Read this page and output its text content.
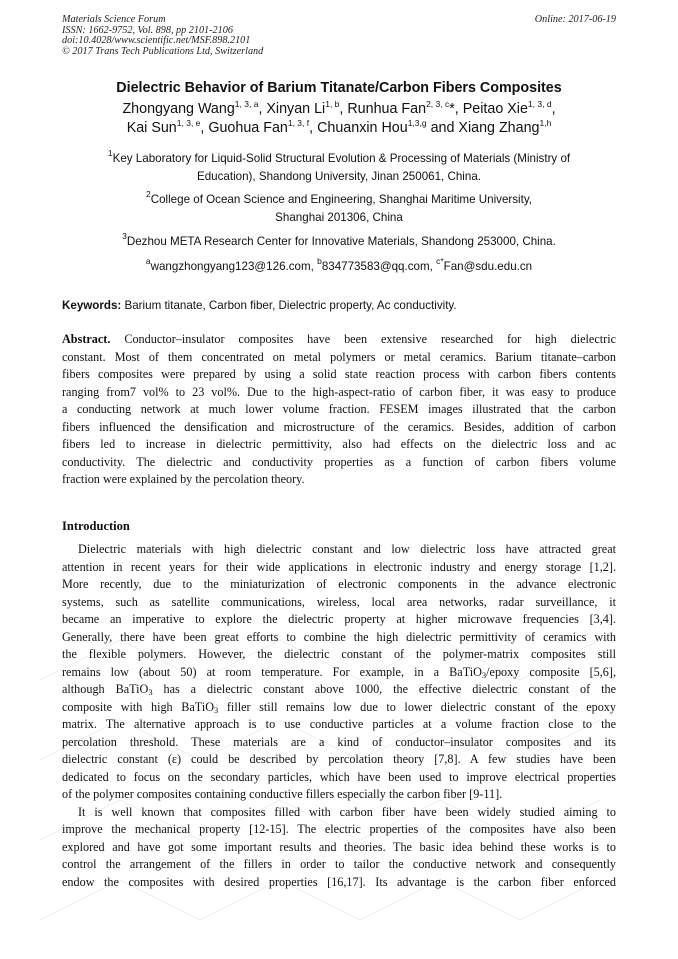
Materials Science Forum
ISSN: 1662-9752, Vol. 898, pp 2101-2106
doi:10.4028/www.scientific.net/MSF.898.2101
© 2017 Trans Tech Publications Ltd, Switzerland
Online: 2017-06-19
Dielectric Behavior of Barium Titanate/Carbon Fibers Composites
Zhongyang Wang$^{1, 3, a}$, Xinyan Li$^{1, b}$, Runhua Fan$^{2, 3, c}$*, Peitao Xie$^{1, 3, d}$,
Kai Sun$^{1, 3, e}$, Guohua Fan$^{1, 3, f}$, Chuanxin Hou$^{1,3,g}$ and Xiang Zhang$^{1,h}$
$^1$Key Laboratory for Liquid-Solid Structural Evolution & Processing of Materials (Ministry of
Education), Shandong University, Jinan 250061, China.
$^2$College of Ocean Science and Engineering, Shanghai Maritime University,
Shanghai 201306, China
$^3$Dezhou META Research Center for Innovative Materials, Shandong 253000, China.
$^a$wangzhongyang123@126.com, $^b$834773583@qq.com, $^{c*}$Fan@sdu.edu.cn
Keywords: Barium titanate, Carbon fiber, Dielectric property, Ac conductivity.
Abstract. Conductor–insulator composites have been extensive researched for high dielectric
constant. Most of them concentrated on metal polymers or metal ceramics. Barium titanate–carbon
fibers composites were prepared by using a solid state reaction process with carbon fibers contents
ranging from7 vol% to 23 vol%. Due to the high-aspect-ratio of carbon fiber, it was easy to produce
a conducting network at much lower volume fraction. FESEM images illustrated that the carbon
fibers influenced the densification and microstructure of the ceramics. Besides, addition of carbon
fibers led to increase in dielectric permittivity, also had effects on the dielectric loss and ac
conductivity. The dielectric and conductivity properties as a function of carbon fibers volume
fraction were explained by the percolation theory.
Introduction
Dielectric materials with high dielectric constant and low dielectric loss have attracted great
attention in recent years for their wide applications in electronic industry and energy storage [1,2].
More recently, due to the miniaturization of electronic components in the advance electronic
systems, such as satellite communications, wireless, local area networks, radar surveillance, it
became an imperative to explore the dielectric property at higher microwave frequencies [3,4].
Generally, there have been great efforts to combine the high dielectric permittivity of ceramics with
the flexible polymers. However, the dielectric constant of the polymer-matrix composites still
remains low (about 50) at room temperature. For example, in a BaTiO$_3$/epoxy composite [5,6],
although BaTiO$_3$ has a dielectric constant above 1000, the effective dielectric constant of the
composite with high BaTiO$_3$ filler still remains low due to lower dielectric constant of the epoxy
matrix. The alternative approach is to use conductive particles at a volume fraction close to the
percolation threshold. These materials are a kind of conductor–insulator composites and its
dielectric constant (ε) could be described by percolation theory [7,8]. A few studies have been
dedicated to focus on the secondary particles, which have been used to improve electrical properties
of the polymer composites containing conductive fillers especially the carbon fiber [9-11].
It is well known that composites filled with carbon fiber have been widely studied aiming to
improve the mechanical property [12-15]. The electric properties of the composites have also been
explored and have got some important results and theories. The basic idea behind these works is to
control the arrangement of the fillers in order to tailor the conductive network and consequently
endow the composites with desired properties [16,17]. Its advantage is the carbon fiber enforced
